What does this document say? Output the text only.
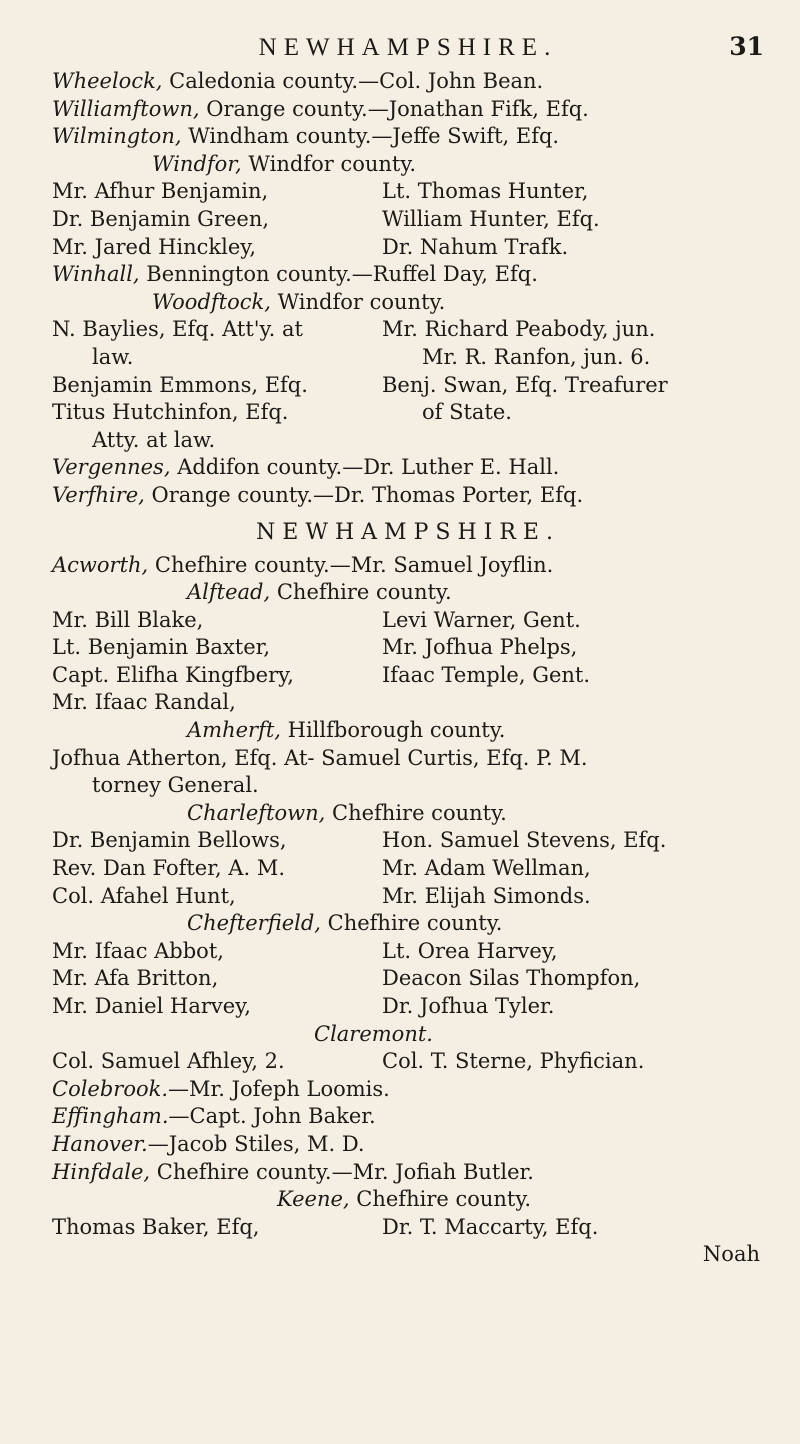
NEWHAMPSHIRE.	31
Wheelock, Caledonia county.—Col. John Bean.
Williamftown, Orange county.—Jonathan Fifk, Efq.
Wilmington, Windham county.—Jeffe Swift, Efq.
Windfor, Windfor county.
Mr. Afhur Benjamin,	Lt. Thomas Hunter,
Dr. Benjamin Green,	William Hunter, Efq.
Mr. Jared Hinckley,	Dr. Nahum Trafk.
Winhall, Bennington county.—Ruffel Day, Efq.
Woodftock, Windfor county.
N. Baylies, Efq. Att'y. at	Mr. Richard Peabody, jun.
law.	Mr. R. Ranfon, jun. 6.
Benjamin Emmons, Efq.	Benj. Swan, Efq. Treafurer
Titus Hutchinfon, Efq.	of State.
Atty. at law.
Vergennes, Addifon county.—Dr. Luther E. Hall.
Verfhire, Orange county.—Dr. Thomas Porter, Efq.
NEWHAMPSHIRE.
Acworth, Chefhire county.—Mr. Samuel Joyflin.
Alftead, Chefhire county.
Mr. Bill Blake,	Levi Warner, Gent.
Lt. Benjamin Baxter,	Mr. Jofhua Phelps,
Capt. Elifha Kingfbery,	Ifaac Temple, Gent.
Mr. Ifaac Randal,
Amherft, Hillfborough county.
Jofhua Atherton, Efq. At- Samuel Curtis, Efq. P. M.
torney General.
Charleftown, Chefhire county.
Dr. Benjamin Bellows,	Hon. Samuel Stevens, Efq.
Rev. Dan Fofter, A. M.	Mr. Adam Wellman,
Col. Afahel Hunt,	Mr. Elijah Simonds.
Chefterfield, Chefhire county.
Mr. Ifaac Abbot,	Lt. Orea Harvey,
Mr. Afa Britton,	Deacon Silas Thompfon,
Mr. Daniel Harvey,	Dr. Jofhua Tyler.
Claremont.
Col. Samuel Afhley, 2.	Col. T. Sterne, Phyfician.
Colebrook.—Mr. Jofeph Loomis.
Effingham.—Capt. John Baker.
Hanover.—Jacob Stiles, M. D.
Hinfdale, Chefhire county.—Mr. Jofiah Butler.
Keene, Chefhire county.
Thomas Baker, Efq,	Dr. T. Maccarty, Efq.
Noah
